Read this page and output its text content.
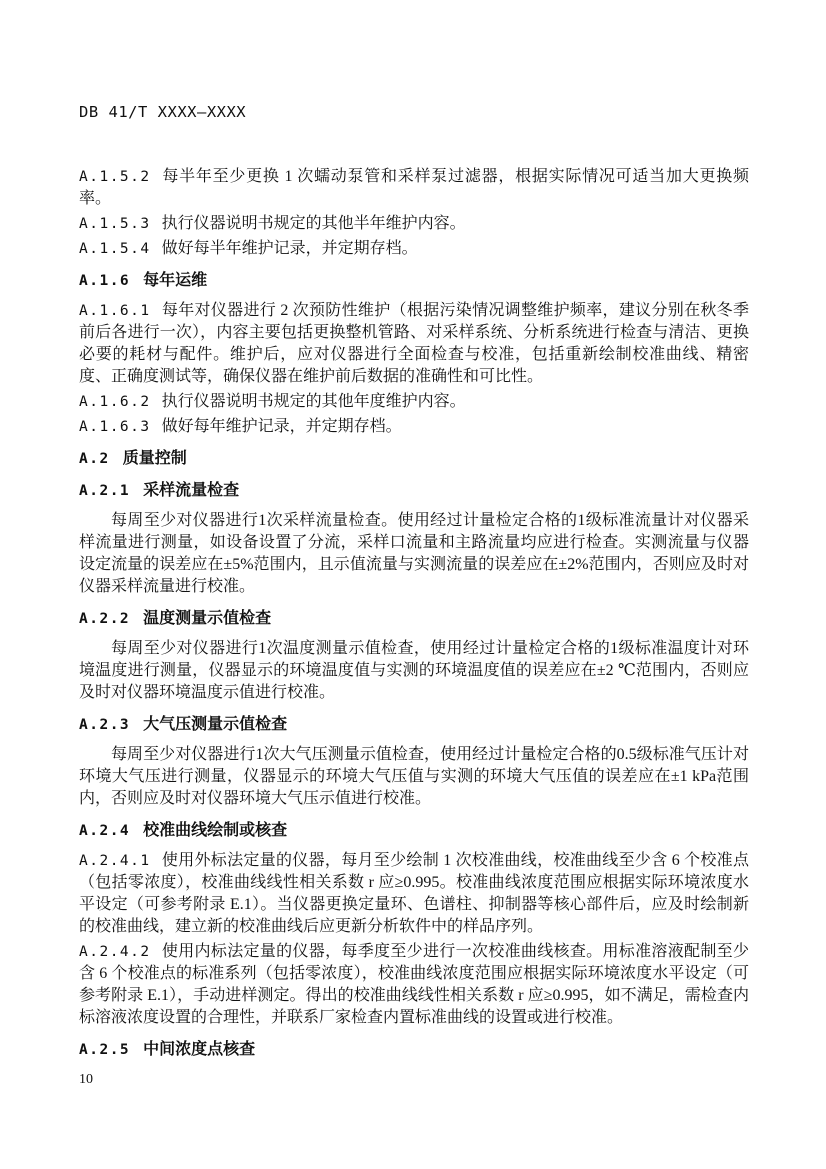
DB 41/T XXXX—XXXX

A.1.5.2 每半年至少更换 1 次蠕动泵管和采样泵过滤器，根据实际情况可适当加大更换频率。

A.1.5.3 执行仪器说明书规定的其他半年维护内容。

A.1.5.4 做好每半年维护记录，并定期存档。

A.1.6 每年运维

A.1.6.1 每年对仪器进行 2 次预防性维护（根据污染情况调整维护频率，建议分别在秋冬季前后各进行一次），内容主要包括更换整机管路、对采样系统、分析系统进行检查与清洁、更换必要的耗材与配件。维护后，应对仪器进行全面检查与校准，包括重新绘制校准曲线、精密度、正确度测试等，确保仪器在维护前后数据的准确性和可比性。

A.1.6.2 执行仪器说明书规定的其他年度维护内容。

A.1.6.3 做好每年维护记录，并定期存档。

A.2 质量控制
A.2.1 采样流量检查

每周至少对仪器进行1次采样流量检查。使用经过计量检定合格的1级标准流量计对仪器采样流量进行测量，如设备设置了分流，采样口流量和主路流量均应进行检查。实测流量与仪器设定流量的误差应在±5%范围内，且示值流量与实测流量的误差应在±2%范围内，否则应及时对仪器采样流量进行校准。

A.2.2 温度测量示值检查

每周至少对仪器进行1次温度测量示值检查，使用经过计量检定合格的1级标准温度计对环境温度进行测量，仪器显示的环境温度值与实测的环境温度值的误差应在±2 ℃范围内，否则应及时对仪器环境温度示值进行校准。

A.2.3 大气压测量示值检查

每周至少对仪器进行1次大气压测量示值检查，使用经过计量检定合格的0.5级标准气压计对环境大气压进行测量，仪器显示的环境大气压值与实测的环境大气压值的误差应在±1 kPa范围内，否则应及时对仪器环境大气压示值进行校准。

A.2.4 校准曲线绘制或核查

A.2.4.1 使用外标法定量的仪器，每月至少绘制 1 次校准曲线，校准曲线至少含 6 个校准点（包括零浓度），校准曲线线性相关系数 r 应≥0.995。校准曲线浓度范围应根据实际环境浓度水平设定（可参考附录 E.1）。当仪器更换定量环、色谱柱、抑制器等核心部件后，应及时绘制新的校准曲线，建立新的校准曲线后应更新分析软件中的样品序列。

A.2.4.2 使用内标法定量的仪器，每季度至少进行一次校准曲线核查。用标准溶液配制至少含 6 个校准点的标准系列（包括零浓度），校准曲线浓度范围应根据实际环境浓度水平设定（可参考附录 E.1），手动进样测定。得出的校准曲线线性相关系数 r 应≥0.995，如不满足，需检查内标溶液浓度设置的合理性，并联系厂家检查内置标准曲线的设置或进行校准。

A.2.5 中间浓度点核查
10
